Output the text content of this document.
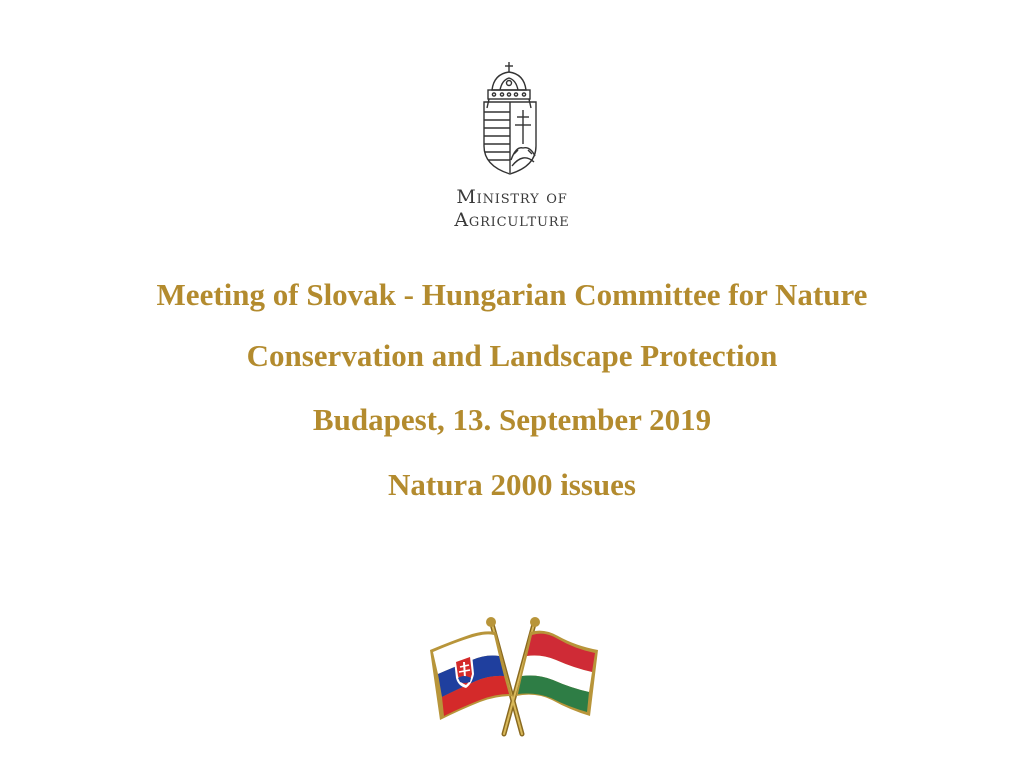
Ministry of
Agriculture
Meeting of Slovak - Hungarian Committee for Nature
Conservation and Landscape Protection
Budapest, 13. September 2019
Natura 2000 issues
